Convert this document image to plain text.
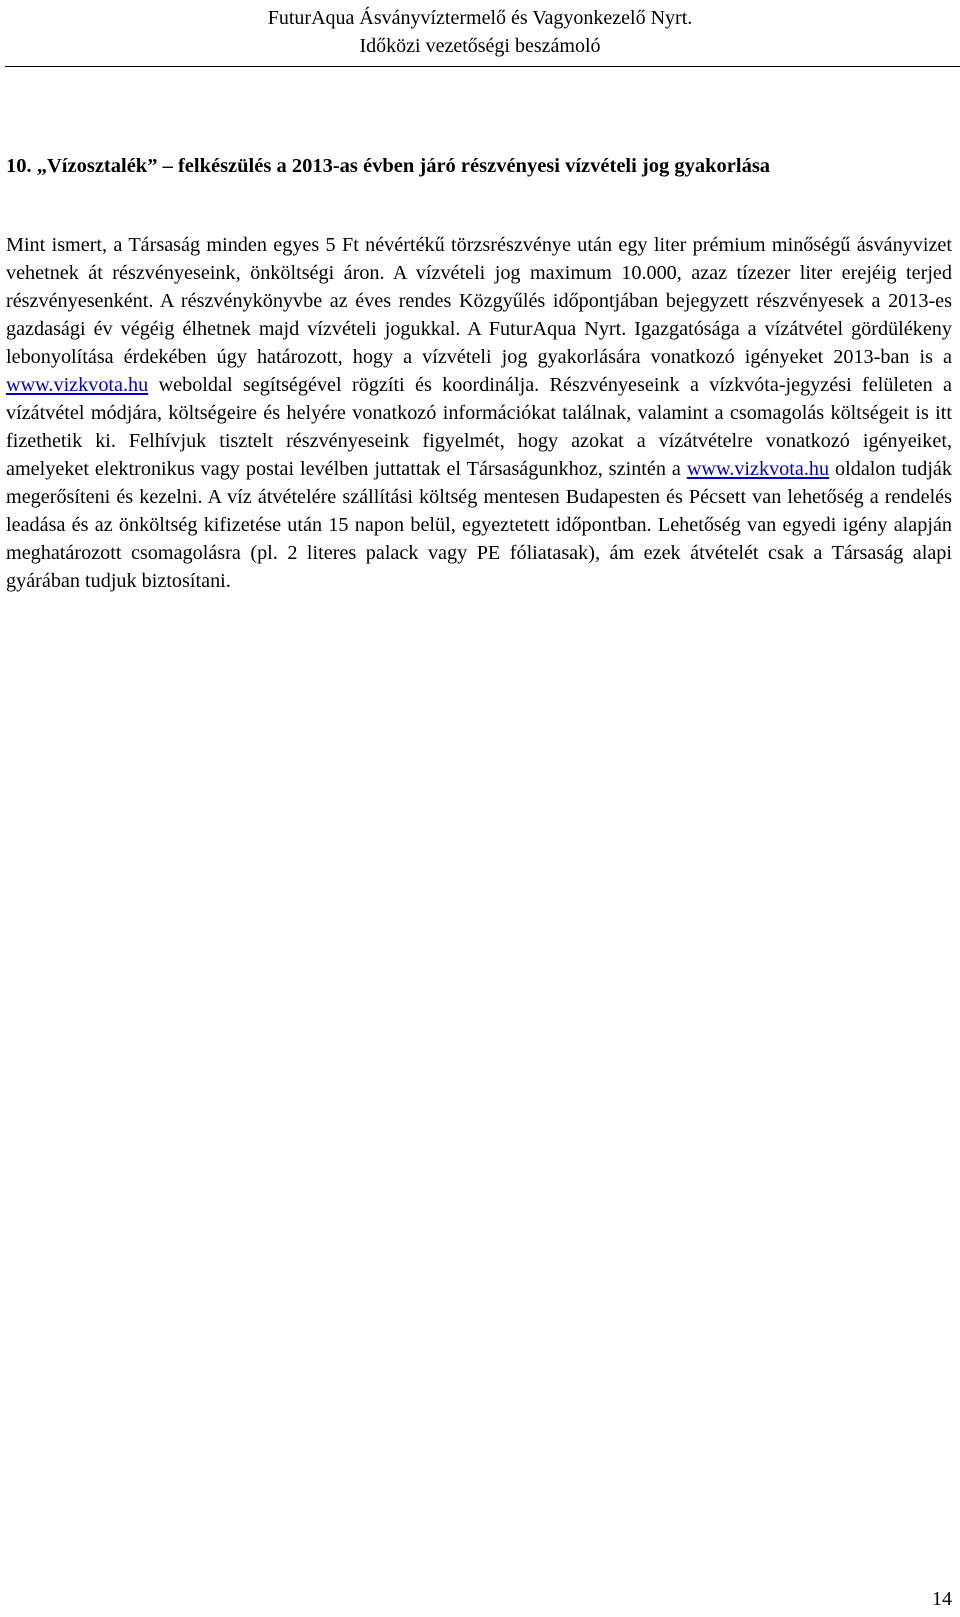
FuturAqua Ásványvíztermelő és Vagyonkezelő Nyrt.
Időközi vezetőségi beszámoló
10. „Vízosztalék” – felkészülés a 2013-as évben járó részvényesi vízvételi jog gyakorlása

Mint ismert, a Társaság minden egyes 5 Ft névértékű törzsrészvénye után egy liter prémium minőségű ásványvizet vehetnek át részvényeseink, önköltségi áron. A vízvételi jog maximum 10.000, azaz tízezer liter erejéig terjed részvényesenként. A részvénykönyvbe az éves rendes Közgyűlés időpontjában bejegyzett részvényesek a 2013-es gazdasági év végéig élhetnek majd vízvételi jogukkal. A FuturAqua Nyrt. Igazgatósága a vízátvétel gördülékeny lebonyolítása érdekében úgy határozott, hogy a vízvételi jog gyakorlására vonatkozó igényeket 2013-ban is a www.vizkvota.hu weboldal segítségével rögzíti és koordinálja. Részvényeseink a vízkvóta-jegyzési felületen a vízátvétel módjára, költségeire és helyére vonatkozó információkat találnak, valamint a csomagolás költségeit is itt fizethetik ki. Felhívjuk tisztelt részvényeseink figyelmét, hogy azokat a vízátvételre vonatkozó igényeiket, amelyeket elektronikus vagy postai levélben juttattak el Társaságunkhoz, szintén a www.vizkvota.hu oldalon tudják megerősíteni és kezelni. A víz átvételére szállítási költség mentesen Budapesten és Pécsett van lehetőség a rendelés leadása és az önköltség kifizetése után 15 napon belül, egyeztetett időpontban. Lehetőség van egyedi igény alapján meghatározott csomagolásra (pl. 2 literes palack vagy PE fóliatasak), ám ezek átvételét csak a Társaság alapi gyárában tudjuk biztosítani.

14
